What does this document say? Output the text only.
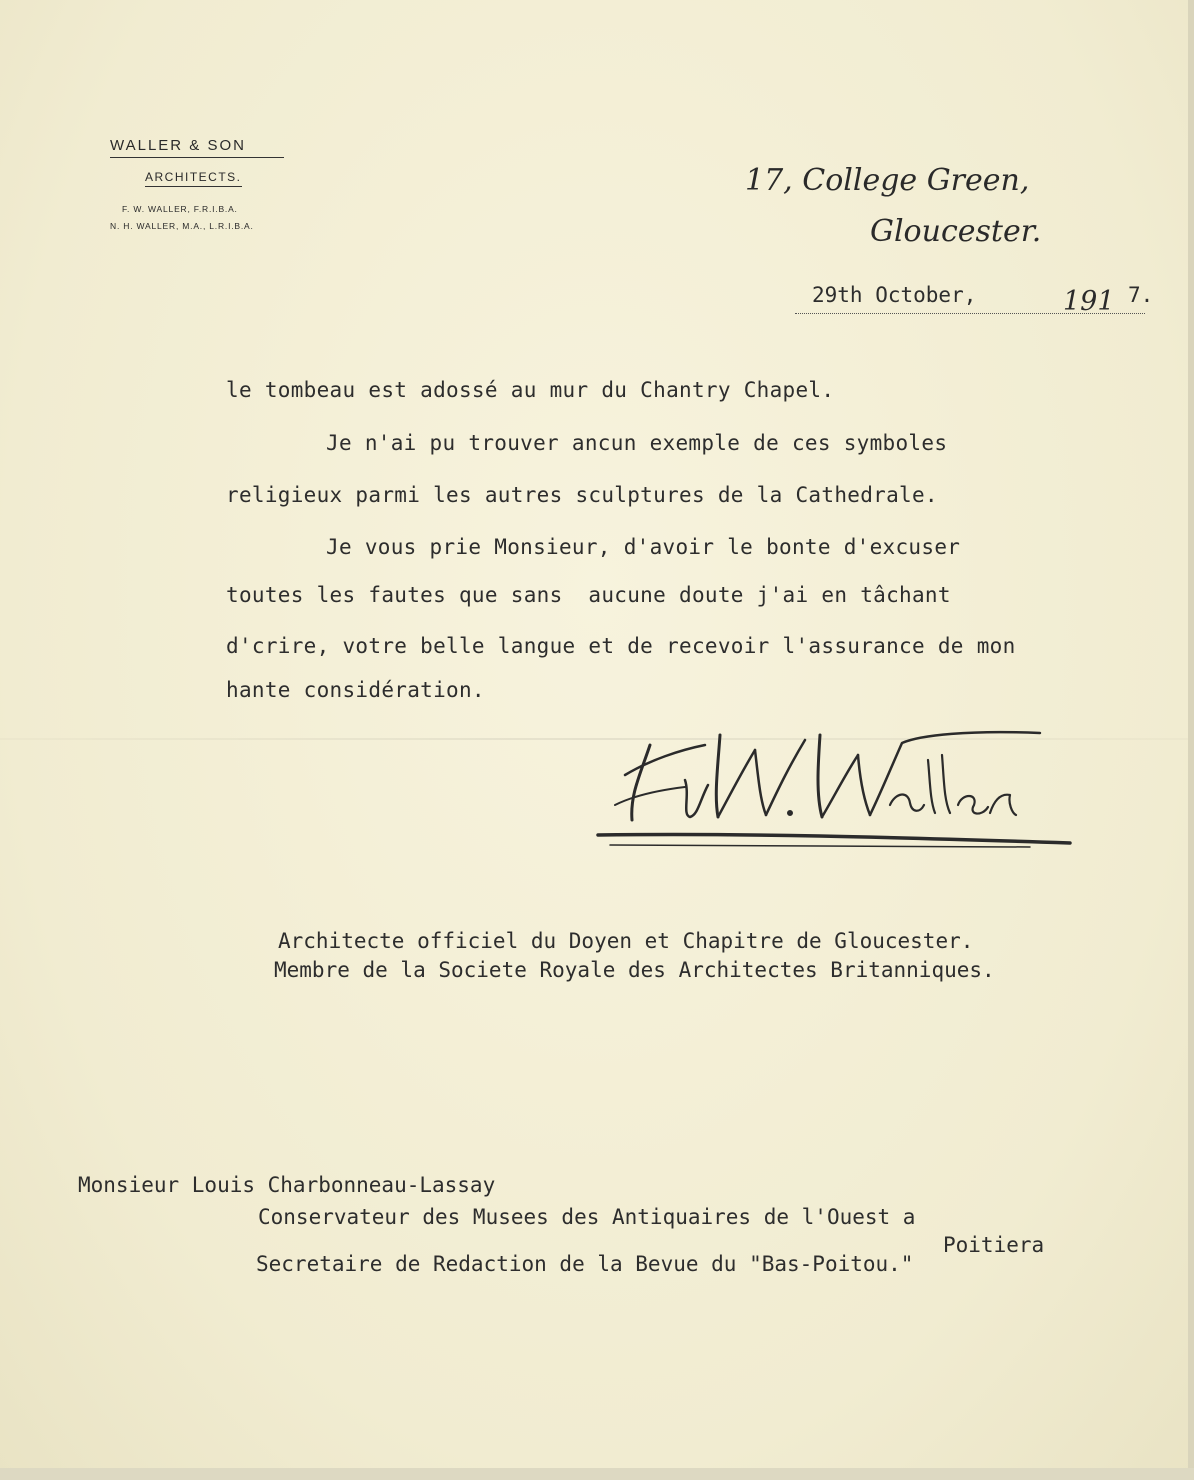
WALLER & SON
ARCHITECTS.
F. W. WALLER, F.R.I.B.A.
N. H. WALLER, M.A., L.R.I.B.A.
17, College Green,
Gloucester.
29th October,	191 7.
le tombeau est adossé au mur du Chantry Chapel.
Je n'ai pu trouver ancun exemple de ces symboles
religieux parmi les autres sculptures de la Cathedrale.
Je vous prie Monsieur, d'avoir le bonte d'excuser
toutes les fautes que sans  aucune doute j'ai en tâchant
d'crire, votre belle langue et de recevoir l'assurance de mon
hante considération.
Architecte officiel du Doyen et Chapitre de Gloucester.
Membre de la Societe Royale des Architectes Britanniques.
Monsieur Louis Charbonneau-Lassay
Conservateur des Musees des Antiquaires de l'Ouest a
Poitiera
Secretaire de Redaction de la Bevue du "Bas-Poitou."
